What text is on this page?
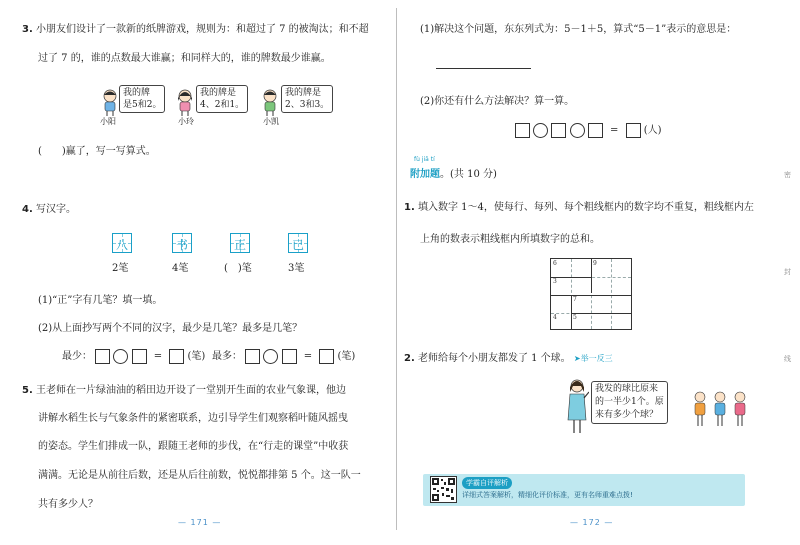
3. 小朋友们设计了一款新的纸牌游戏，规则为：和超过了 7 的被淘汰；和不超
过了 7 的，谁的点数最大谁赢；和同样大的，谁的牌数最少谁赢。
我的牌
是5和2。
小阳
我的牌是
4、2和1。
小玲
我的牌是
2、3和3。
小凯
(　　)赢了，写一写算式。
4. 写汉字。
八	书	正	已
2笔	4笔	(　)笔	3笔
(1)“正”字有几笔？填一填。
(2)从上面抄写两个不同的汉字，最少是几笔？最多是几笔？
最少：	=	(笔) 最多：	=	(笔)
5. 王老师在一片绿油油的稻田边开设了一堂别开生面的农业气象课，他边
讲解水稻生长与气象条件的紧密联系，边引导学生们观察稻叶随风摇曳
的姿态。学生们排成一队，跟随王老师的步伐，在“行走的课堂”中收获
满满。无论是从前往后数，还是从后往前数，悦悦都排第 5 个。这一队一
共有多少人？
— 171 —
(1)解决这个问题，东东列式为：5－1＋5，算式“5－1”表示的意思是：
(2)你还有什么方法解决？算一算。
=	(人)
fù jiā tí
附加题。(共 10 分)
1. 填入数字 1～4，使每行、每列、每个粗线框内的数字均不重复，粗线框内左
上角的数表示粗线框内所填数字的总和。
6	9
3
7
4	5
2. 老师给每个小朋友都发了 1 个球。 ➤举一反三
我发的球比原来
的一半少1个。原
来有多少个球？
学霸自评解析
详细式答案解析，精细化评价标准，更有名师重难点拨!
密
封
线
— 172 —
